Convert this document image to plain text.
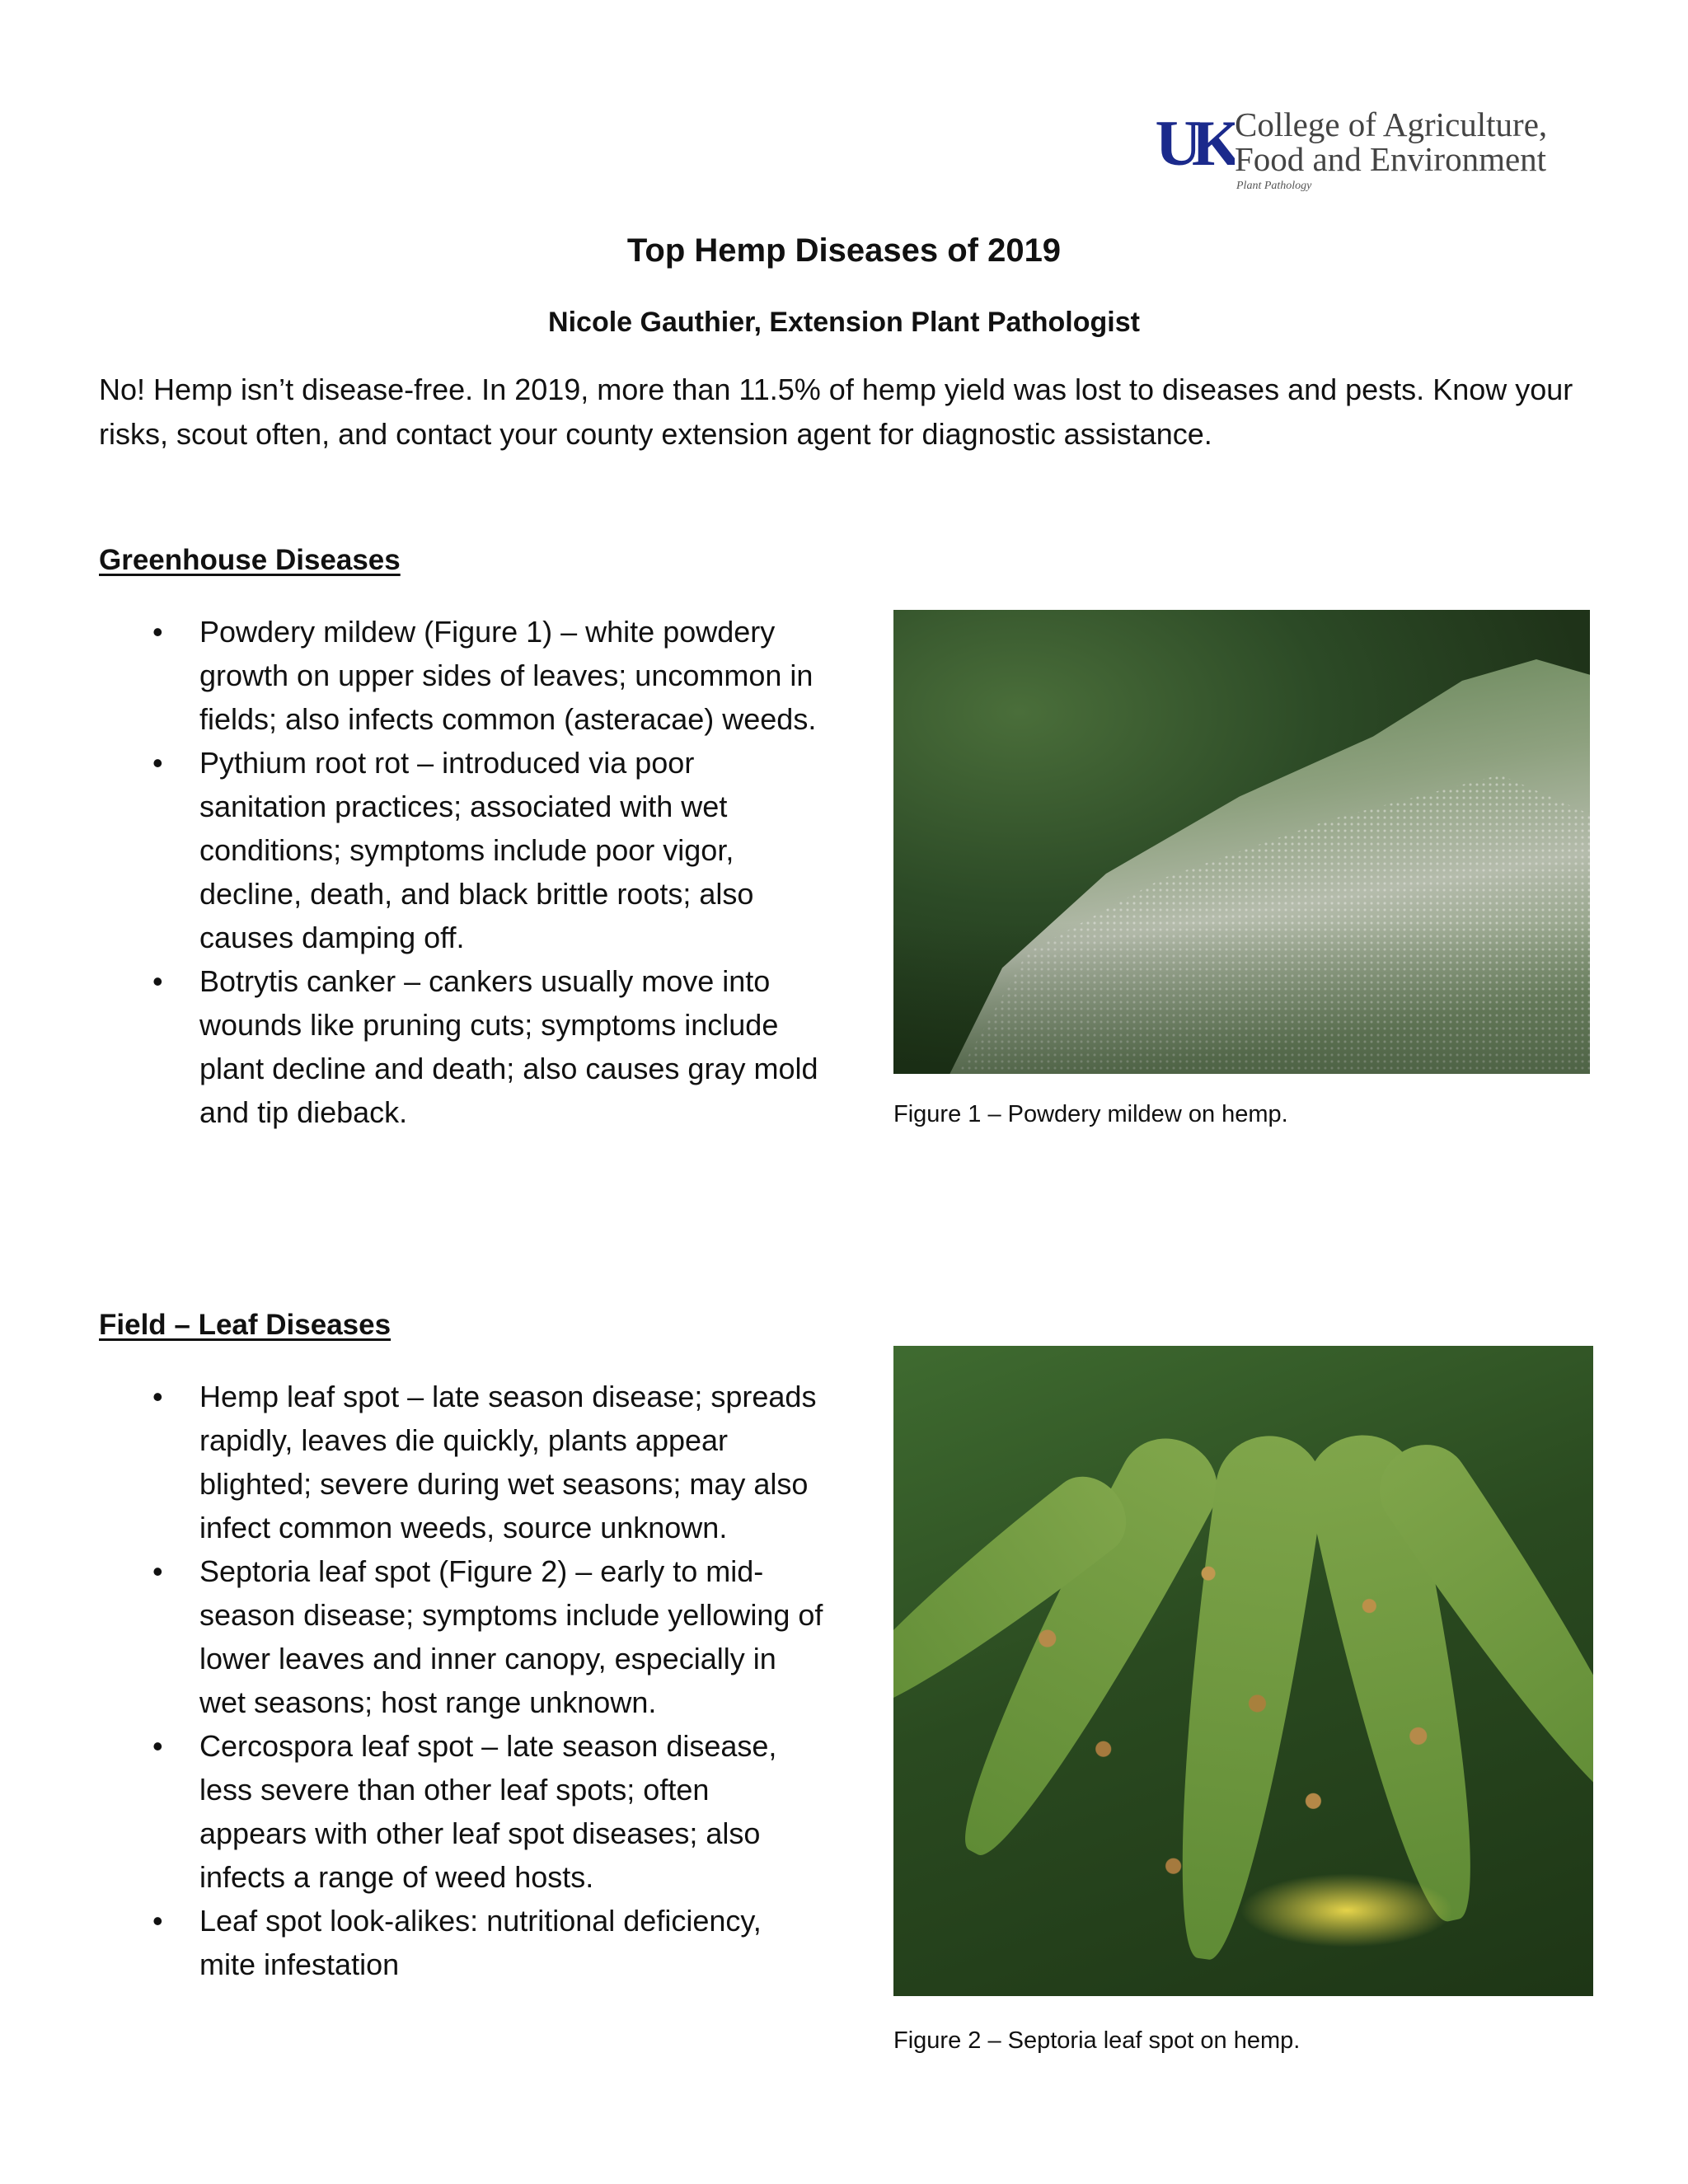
UK College of Agriculture,
Food and Environment
Plant Pathology
Top Hemp Diseases of 2019
Nicole Gauthier, Extension Plant Pathologist

No! Hemp isn’t disease-free. In 2019, more than 11.5% of hemp yield was lost to diseases and pests. Know your risks, scout often, and contact your county extension agent for diagnostic assistance.

Greenhouse Diseases
• Powdery mildew (Figure 1) – white powdery growth on upper sides of leaves; uncommon in fields; also infects common (asteracae) weeds.
• Pythium root rot – introduced via poor sanitation practices; associated with wet conditions; symptoms include poor vigor, decline, death, and black brittle roots; also causes damping off.
• Botrytis canker – cankers usually move into wounds like pruning cuts; symptoms include plant decline and death; also causes gray mold and tip dieback.	Figure 1 – Powdery mildew on hemp.
Field – Leaf Diseases
• Hemp leaf spot – late season disease; spreads rapidly, leaves die quickly, plants appear blighted; severe during wet seasons; may also infect common weeds, source unknown.
• Septoria leaf spot (Figure 2) – early to mid-season disease; symptoms include yellowing of lower leaves and inner canopy, especially in wet seasons; host range unknown.
• Cercospora leaf spot – late season disease, less severe than other leaf spots; often appears with other leaf spot diseases; also infects a range of weed hosts.
• Leaf spot look-alikes: nutritional deficiency, mite infestation
Figure 2 – Septoria leaf spot on hemp.
